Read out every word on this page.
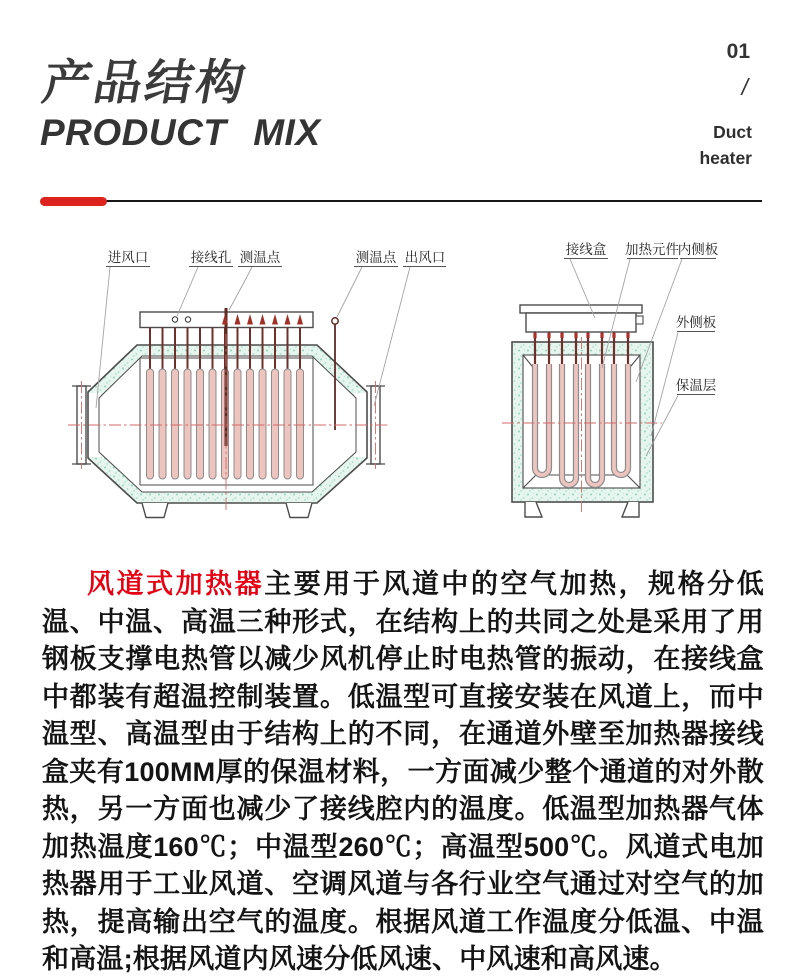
产品结构
PRODUCT MIX
01
/
Duct
heater
进风口	接线孔 测温点	测温点 出风口
接线盒 加热元件
内侧板
外侧板
保温层

风道式加热器主要用于风道中的空气加热，规格分低温、中温、高温三种形式，在结构上的共同之处是采用了用钢板支撑电热管以减少风机停止时电热管的振动，在接线盒中都装有超温控制装置。低温型可直接安装在风道上，而中温型、高温型由于结构上的不同，在通道外壁至加热器接线盒夹有100MM厚的保温材料，一方面减少整个通道的对外散热，另一方面也减少了接线腔内的温度。低温型加热器气体加热温度160℃；中温型260℃；高温型500℃。风道式电加热器用于工业风道、空调风道与各行业空气通过对空气的加热，提高输出空气的温度。根据风道工作温度分低温、中温和高温;根据风道内风速分低风速、中风速和高风速。
